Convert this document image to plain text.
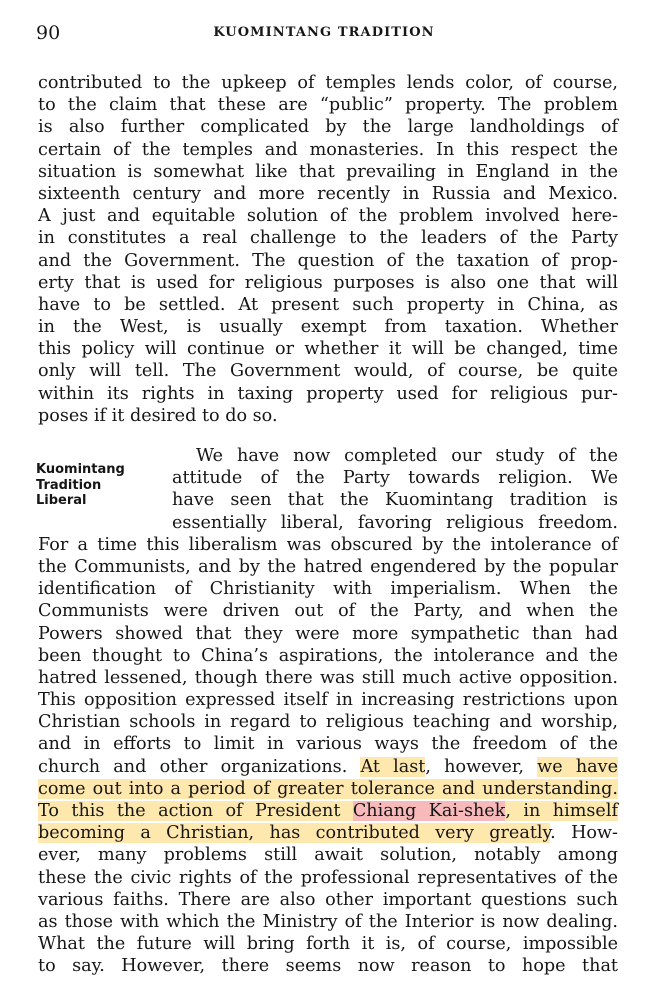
90	KUOMINTANG TRADITION
contributed to the upkeep of temples lends color, of course,
to the claim that these are “public” property. The problem
is also further complicated by the large landholdings of
certain of the temples and monasteries. In this respect the
situation is somewhat like that prevailing in England in the
sixteenth century and more recently in Russia and Mexico.
A just and equitable solution of the problem involved here-
in constitutes a real challenge to the leaders of the Party
and the Government. The question of the taxation of prop-
erty that is used for religious purposes is also one that will
have to be settled. At present such property in China, as
in the West, is usually exempt from taxation. Whether
this policy will continue or whether it will be changed, time
only will tell. The Government would, of course, be quite
within its rights in taxing property used for religious pur-
poses if it desired to do so.
Kuomintang
Tradition
Liberal
We have now completed our study of the
attitude of the Party towards religion. We
have seen that the Kuomintang tradition is
essentially liberal, favoring religious freedom.
For a time this liberalism was obscured by the intolerance of
the Communists, and by the hatred engendered by the popular
identification of Christianity with imperialism. When the
Communists were driven out of the Party, and when the
Powers showed that they were more sympathetic than had
been thought to China’s aspirations, the intolerance and the
hatred lessened, though there was still much active opposition.
This opposition expressed itself in increasing restrictions upon
Christian schools in regard to religious teaching and worship,
and in efforts to limit in various ways the freedom of the
church and other organizations. At last, however, we have
come out into a period of greater tolerance and understanding.
To this the action of President Chiang Kai-shek, in himself
becoming a Christian, has contributed very greatly. How-
ever, many problems still await solution, notably among
these the civic rights of the professional representatives of the
various faiths. There are also other important questions such
as those with which the Ministry of the Interior is now dealing.
What the future will bring forth it is, of course, impossible
to say. However, there seems now reason to hope that
